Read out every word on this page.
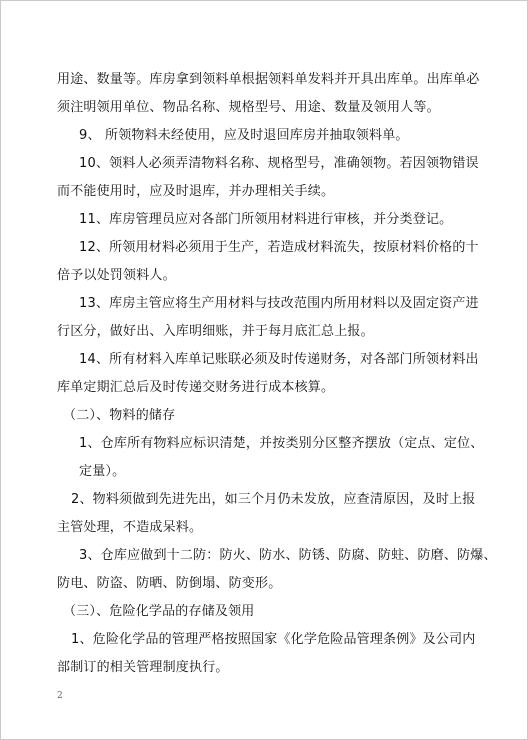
用途、数量等。库房拿到领料单根据领料单发料并开具出库单。出库单必
须注明领用单位、物品名称、规格型号、用途、数量及领用人等。
9、 所领物料未经使用，应及时退回库房并抽取领料单。
10、领料人必须弄清物料名称、规格型号，准确领物。若因领物错误
而不能使用时，应及时退库，并办理相关手续。
11、库房管理员应对各部门所领用材料进行审核，并分类登记。
12、所领用材料必须用于生产，若造成材料流失，按原材料价格的十
倍予以处罚领料人。
13、库房主管应将生产用材料与技改范围内所用材料以及固定资产进
行区分，做好出、入库明细账，并于每月底汇总上报。
14、所有材料入库单记账联必须及时传递财务，对各部门所领材料出
库单定期汇总后及时传递交财务进行成本核算。
（二）、物料的储存
1、仓库所有物料应标识清楚，并按类别分区整齐摆放（定点、定位、
定量）。
2、物料须做到先进先出，如三个月仍未发放，应查清原因，及时上报
主管处理，不造成呆料。
3、仓库应做到十二防：防火、防水、防锈、防腐、防蛀、防磨、防爆、
防电、防盗、防晒、防倒塌、防变形。
（三）、危险化学品的存储及领用
1、危险化学品的管理严格按照国家《化学危险品管理条例》及公司内
部制订的相关管理制度执行。
2
